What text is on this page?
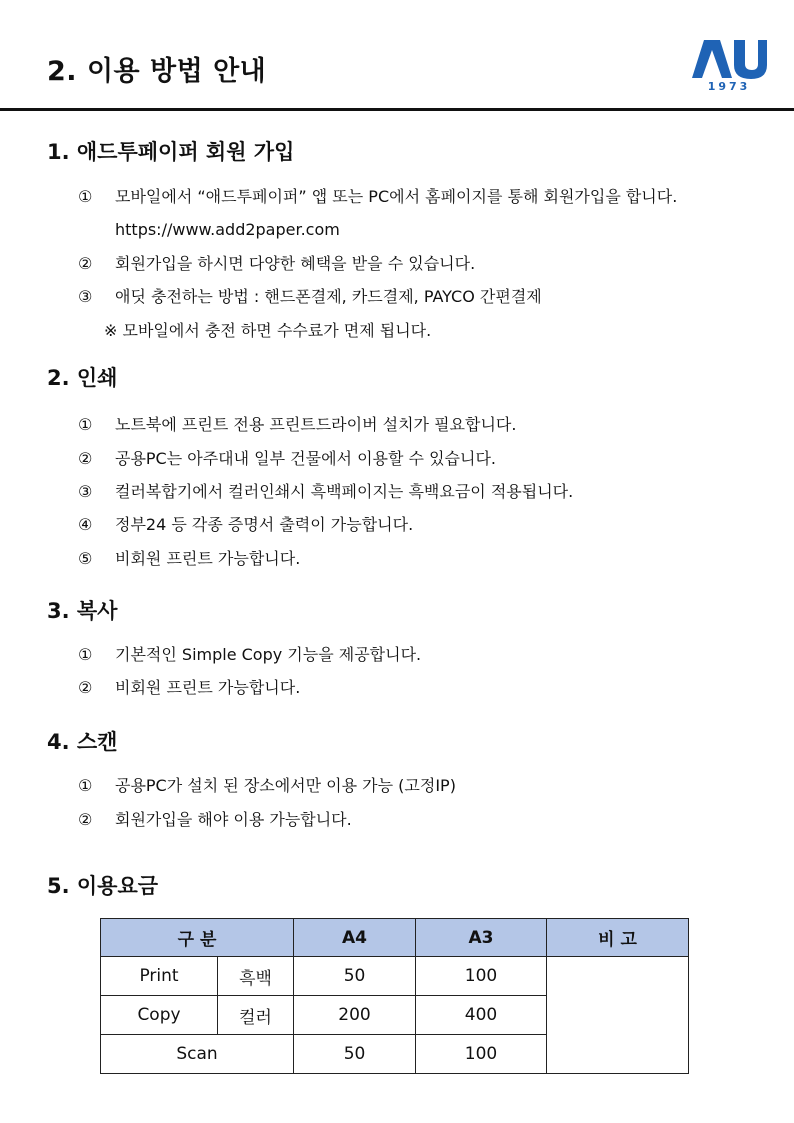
2. 이용 방법 안내	1973
1. 애드투페이퍼 회원 가입
① 모바일에서 “애드투페이퍼” 앱 또는 PC에서 홈페이지를 통해 회원가입을 합니다.
https://www.add2paper.com
② 회원가입을 하시면 다양한 혜택을 받을 수 있습니다.
③ 애딧 충전하는 방법 : 핸드폰결제, 카드결제, PAYCO 간편결제
※ 모바일에서 충전 하면 수수료가 면제 됩니다.
2. 인쇄
① 노트북에 프린트 전용 프린트드라이버 설치가 필요합니다.
② 공용PC는 아주대내 일부 건물에서 이용할 수 있습니다.
③ 컬러복합기에서 컬러인쇄시 흑백페이지는 흑백요금이 적용됩니다.
④ 정부24 등 각종 증명서 출력이 가능합니다.
⑤ 비회원 프린트 가능합니다.
3. 복사
① 기본적인 Simple Copy 기능을 제공합니다.
② 비회원 프린트 가능합니다.
4. 스캔
① 공용PC가 설치 된 장소에서만 이용 가능 (고정IP)
② 회원가입을 해야 이용 가능합니다.
5. 이용요금
구 분		A4	A3	비 고
Print	흑백	50	100	
Copy	컬러	200	400	
Scan		50	100	
